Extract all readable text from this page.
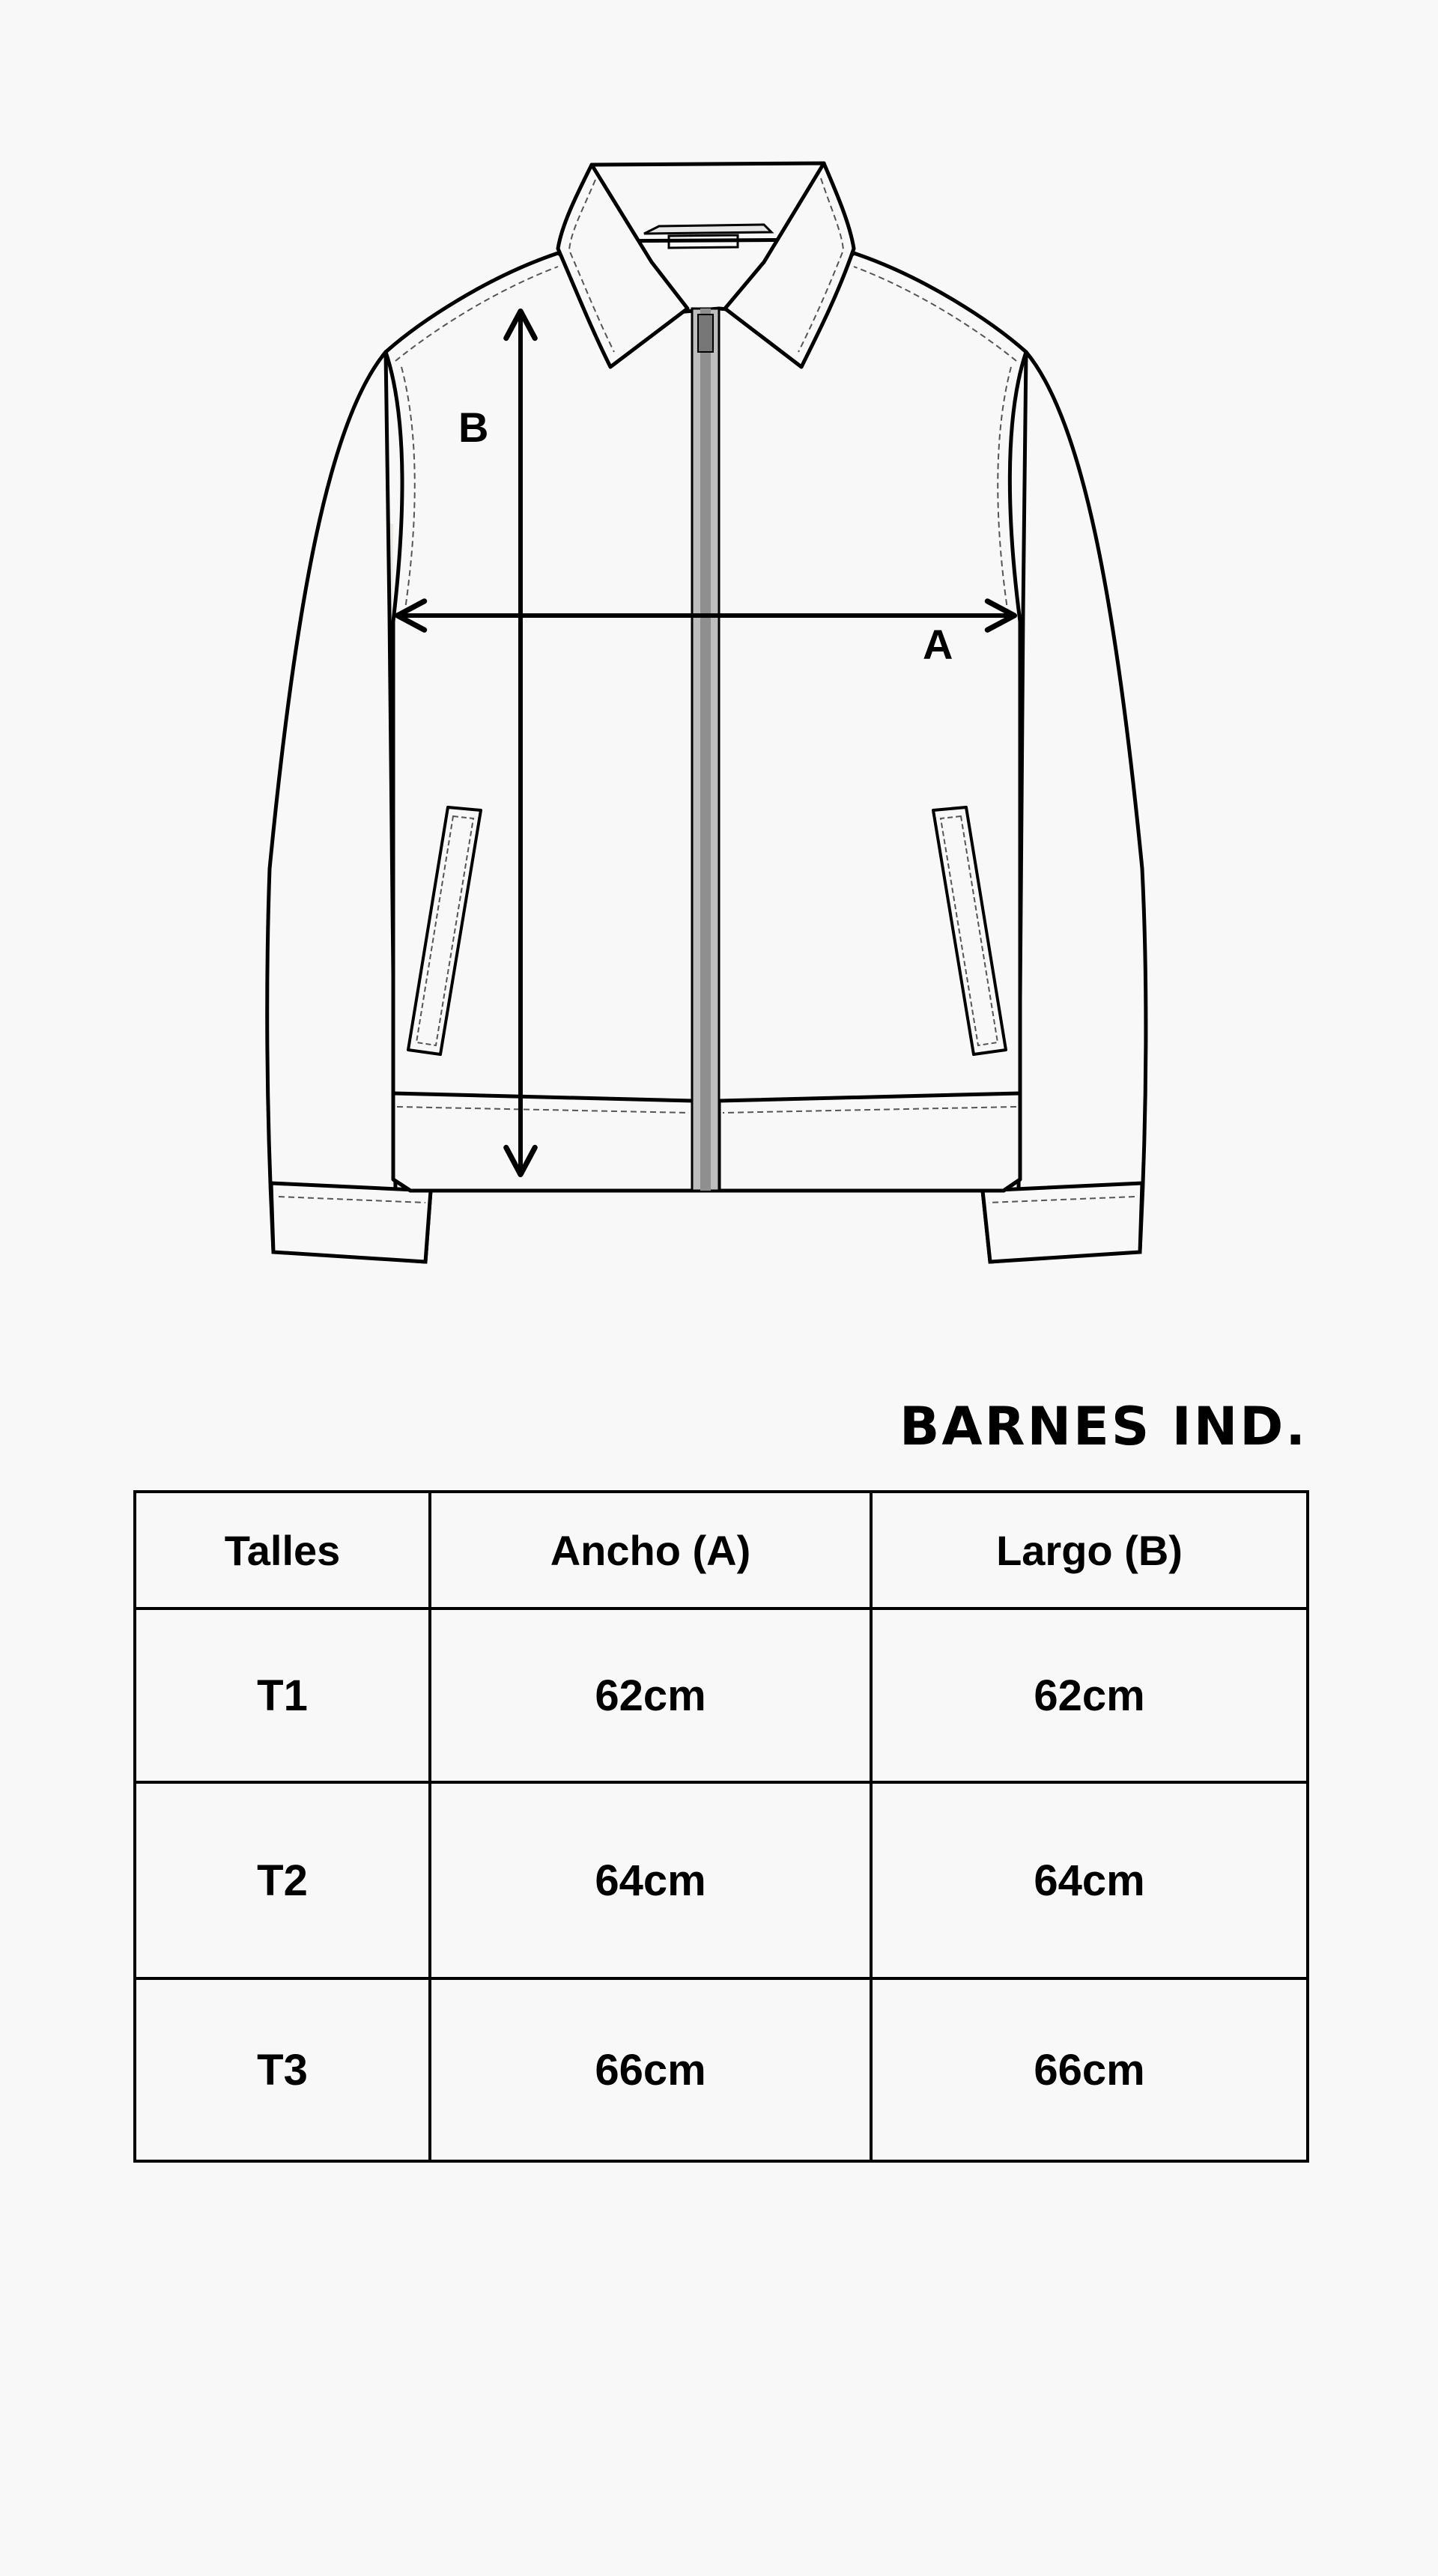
B
A
BARNES IND.
Talles	Ancho (A)	Largo (B)
T1	62cm	62cm
T2	64cm	64cm
T3	66cm	66cm
